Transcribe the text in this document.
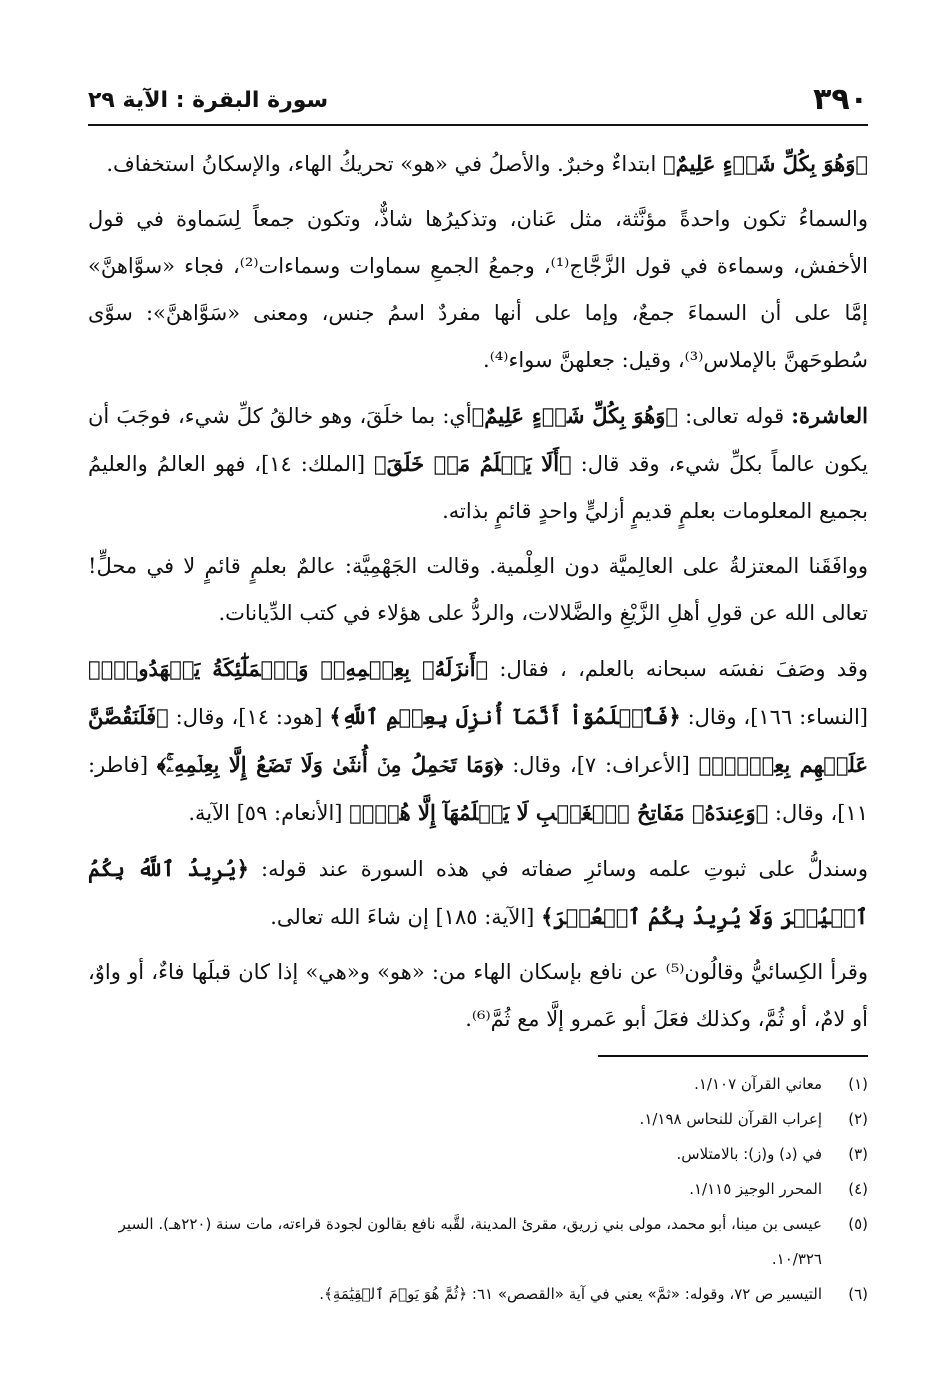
٣٩٠
سورة البقرة : الآية ٢٩

﴿وَهُوَ بِكُلِّ شَيۡءٍ عَلِيمٌ﴾ ابتداءٌ وخبرٌ. والأصلُ في «هو» تحريكُ الهاء، والإسكانُ استخفاف.

والسماءُ تكون واحدةً مؤنَّثة، مثل عَنان، وتذكيرُها شاذٌّ، وتكون جمعاً لِسَماوة في قول الأخفش، وسماءة في قول الزَّجَّاج⁽¹⁾، وجمعُ الجمعِ سماوات وسماءات⁽²⁾، فجاء «سوَّاهنَّ» إمَّا على أن السماءَ جمعٌ، وإما على أنها مفردٌ اسمُ جنس، ومعنى «سَوَّاهنَّ»: سوَّى سُطوحَهنَّ بالإملاس⁽³⁾، وقيل: جعلهنَّ سواء⁽⁴⁾.

العاشرة: قوله تعالى: ﴿وَهُوَ بِكُلِّ شَيۡءٍ عَلِيمٌ﴾أي: بما خلَقَ، وهو خالقُ كلِّ شيء، فوجَبَ أن يكون عالماً بكلِّ شيء، وقد قال: ﴿أَلَا يَعۡلَمُ مَنۡ خَلَقَ﴾ [الملك: ١٤]، فهو العالمُ والعليمُ بجميع المعلومات بعلمٍ قديمٍ أزليٍّ واحدٍ قائمٍ بذاته.

ووافَقَنا المعتزلةُ على العالِميَّة دون العِلْمية. وقالت الجَهْمِيَّة: عالمٌ بعلمٍ قائمٍ لا في محلٍّ! تعالى الله عن قولِ أهلِ الزَّيْغِ والضَّلالات، والردُّ على هؤلاء في كتب الدِّيانات.

وقد وصَفَ نفسَه سبحانه بالعلم، ، فقال: ﴿أَنزَلَهُۥ بِعِلۡمِهِۦۖ وَٱلۡمَلَٰٓئِكَةُ يَشۡهَدُونَۚ﴾ [النساء: ١٦٦]، وقال: ﴿فَٱعۡلَمُوٓاْ أَنَّمَآ أُنزِلَ بِعِلۡمِ ٱللَّهِ﴾ [هود: ١٤]، وقال: ﴿فَلَنَقُصَّنَّ عَلَيۡهِم بِعِلۡمٍۖ﴾ [الأعراف: ٧]، وقال: ﴿وَمَا تَحۡمِلُ مِنۡ أُنثَىٰ وَلَا تَضَعُ إِلَّا بِعِلۡمِهِۦۚ﴾ [فاطر: ١١]، وقال: ﴿وَعِندَهُۥ مَفَاتِحُ ٱلۡغَيۡبِ لَا يَعۡلَمُهَآ إِلَّا هُوَۚ﴾ [الأنعام: ٥٩] الآية.

وسندلُّ على ثبوتِ علمه وسائرِ صفاته في هذه السورة عند قوله: ﴿يُرِيدُ ٱللَّهُ بِكُمُ ٱلۡيُسۡرَ وَلَا يُرِيدُ بِكُمُ ٱلۡعُسۡرَ﴾ [الآية: ١٨٥] إن شاءَ الله تعالى.

وقرأ الكِسائيُّ وقالُون⁽⁵⁾ عن نافع بإسكان الهاء من: «هو» و«هي» إذا كان قبلَها فاءٌ، أو واوٌ، أو لامٌ، أو ثُمَّ، وكذلك فعَلَ أبو عَمرو إلَّا مع ثُمَّ⁽⁶⁾.

(١)
معاني القرآن ١/١٠٧.
(٢)
إعراب القرآن للنحاس ١/١٩٨.
(٣)
في (د) و(ز): بالامتلاس.
(٤)
المحرر الوجيز ١/١١٥.
(٥)
عيسى بن مينا، أبو محمد، مولى بني زريق، مقرئ المدينة، لقَّبه نافع بقالون لجودة قراءته، مات سنة (٢٢٠هـ). السير ١٠/٣٢٦.
(٦)
التيسير ص ٧٢، وقوله: «ثمَّ» يعني في آية «القصص» ٦١: ﴿ثُمَّ هُوَ يَوۡمَ ٱلۡقِيَٰمَةِ﴾.
